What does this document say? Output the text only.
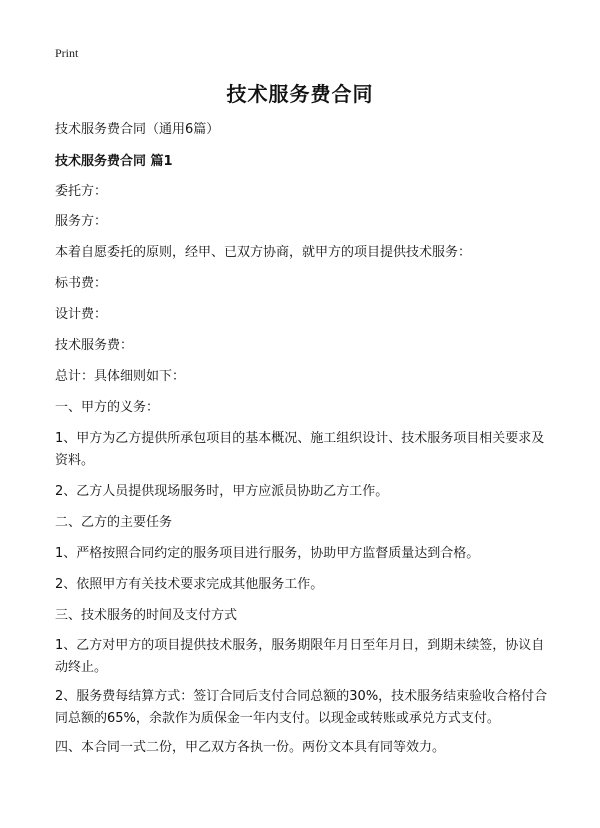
Print
技术服务费合同
技术服务费合同（通用6篇）
技术服务费合同 篇1
委托方：
服务方：
本着自愿委托的原则，经甲、已双方协商，就甲方的项目提供技术服务：
标书费：
设计费：
技术服务费：
总计：具体细则如下：
一、甲方的义务：
1、甲方为乙方提供所承包项目的基本概况、施工组织设计、技术服务项目相关要求及资料。
2、乙方人员提供现场服务时，甲方应派员协助乙方工作。
二、乙方的主要任务
1、严格按照合同约定的服务项目进行服务，协助甲方监督质量达到合格。
2、依照甲方有关技术要求完成其他服务工作。
三、技术服务的时间及支付方式
1、乙方对甲方的项目提供技术服务，服务期限年月日至年月日，到期未续签，协议自动终止。
2、服务费每结算方式：签订合同后支付合同总额的30%，技术服务结束验收合格付合同总额的65%，余款作为质保金一年内支付。以现金或转账或承兑方式支付。
四、本合同一式二份，甲乙双方各执一份。两份文本具有同等效力。
